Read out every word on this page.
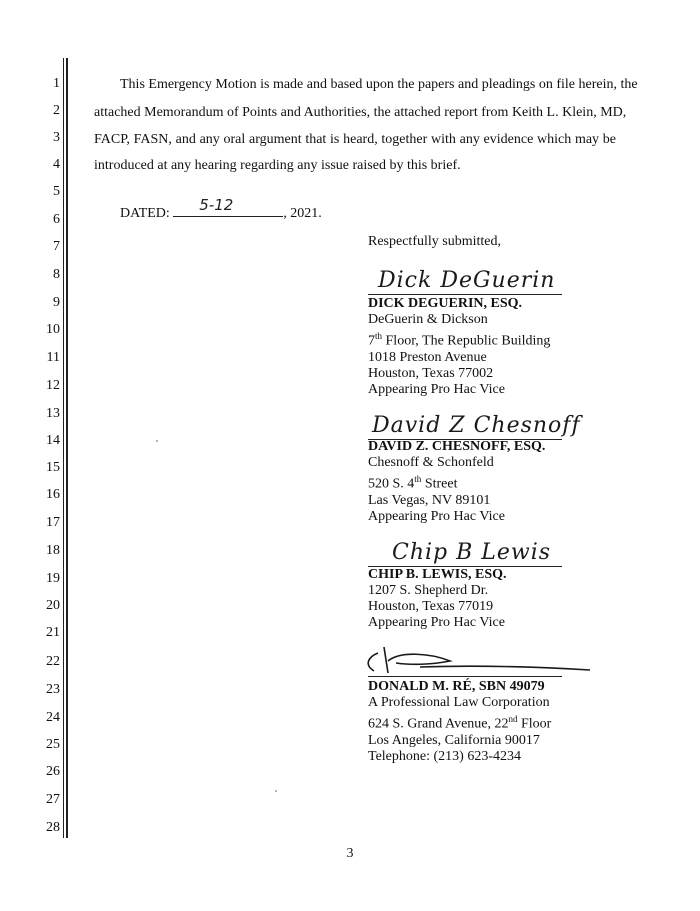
1
2
3
4
5
6
7
8
9
10
11
12
13
14
15
16
17
18
19
20
21
22
23
24
25
26
27
28
This Emergency Motion is made and based upon the papers and pleadings on file herein, the
attached Memorandum of Points and Authorities, the attached report from Keith L. Klein, MD,
FACP, FASN, and any oral argument that is heard, together with any evidence which may be
introduced at any hearing regarding any issue raised by this brief.
DATED: 5-12	, 2021.
Respectfully submitted,
Dick DeGuerin
DICK DEGUERIN, ESQ.
DeGuerin & Dickson
7th Floor, The Republic Building
1018 Preston Avenue
Houston, Texas 77002
Appearing Pro Hac Vice
David Z Chesnoff
DAVID Z. CHESNOFF, ESQ.
Chesnoff & Schonfeld
520 S. 4th Street
Las Vegas, NV 89101
Appearing Pro Hac Vice
Chip B Lewis
CHIP B. LEWIS, ESQ.
1207 S. Shepherd Dr.
Houston, Texas 77019
Appearing Pro Hac Vice
DONALD M. RÉ, SBN 49079
A Professional Law Corporation
624 S. Grand Avenue, 22nd Floor
Los Angeles, California 90017
Telephone: (213) 623-4234
3
